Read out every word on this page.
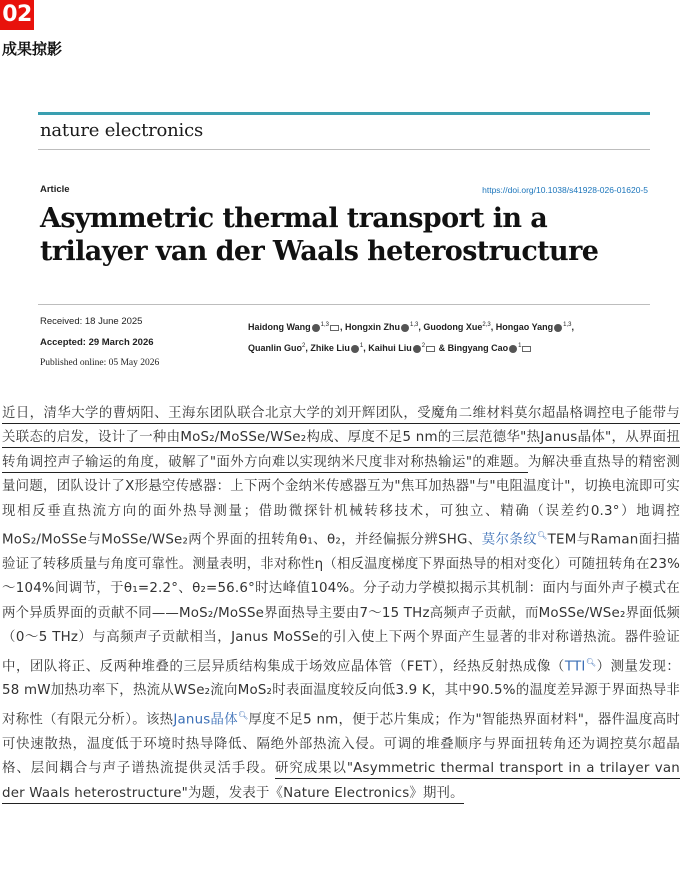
02
成果掠影
nature electronics
Article	https://doi.org/10.1038/s41928-026-01620-5
Asymmetric thermal transport in a trilayer van der Waals heterostructure
Received: 18 June 2025
Accepted: 29 March 2026
Published online: 05 May 2026
Haidong Wang $^{1,3}$ , Hongxin Zhu $^{1,3}$, Guodong Xue$^{2,3}$, Hongao Yang $^{1,3}$,
Quanlin Guo$^2$, Zhike Liu $^1$, Kaihui Liu $^2$ & Bingyang Cao $^1$
近日，清华大学的曹炳阳、王海东团队联合北京大学的刘开辉团队，受魔角二维材料莫尔超晶格调控电子能带与关联态的启发，设计了一种由MoS₂/MoSSe/WSe₂构成、厚度不足5 nm的三层范德华"热Janus晶体"，从界面扭转角调控声子输运的角度，破解了"面外方向难以实现纳米尺度非对称热输运"的难题。为解决垂直热导的精密测量问题，团队设计了X形悬空传感器：上下两个金纳米传感器互为"焦耳加热器"与"电阻温度计"，切换电流即可实现相反垂直热流方向的面外热导测量；借助微探针机械转移技术，可独立、精确（误差约0.3°）地调控MoS₂/MoSSe与MoSSe/WSe₂两个界面的扭转角θ₁、θ₂，并经偏振分辨SHG、莫尔条纹🔍︎TEM与Raman面扫描验证了转移质量与角度可靠性。测量表明，非对称性η（相反温度梯度下界面热导的相对变化）可随扭转角在23%～104%间调节，于θ₁=2.2°、θ₂=56.6°时达峰值104%。分子动力学模拟揭示其机制：面内与面外声子模式在两个异质界面的贡献不同——MoS₂/MoSSe界面热导主要由7～15 THz高频声子贡献，而MoSSe/WSe₂界面低频（0～5 THz）与高频声子贡献相当，Janus MoSSe的引入使上下两个界面产生显著的非对称谱热流。器件验证中，团队将正、反两种堆叠的三层异质结构集成于场效应晶体管（FET），经热反射热成像（TTI🔍︎）测量发现：58 mW加热功率下，热流从WSe₂流向MoS₂时表面温度较反向低3.9 K，其中90.5%的温度差异源于界面热导非对称性（有限元分析）。该热Janus晶体🔍︎厚度不足5 nm，便于芯片集成；作为"智能热界面材料"，器件温度高时可快速散热，温度低于环境时热导降低、隔绝外部热流入侵。可调的堆叠顺序与界面扭转角还为调控莫尔超晶格、层间耦合与声子谱热流提供灵活手段。研究成果以"Asymmetric thermal transport in a trilayer van der Waals heterostructure"为题，发表于《Nature Electronics》期刊。
